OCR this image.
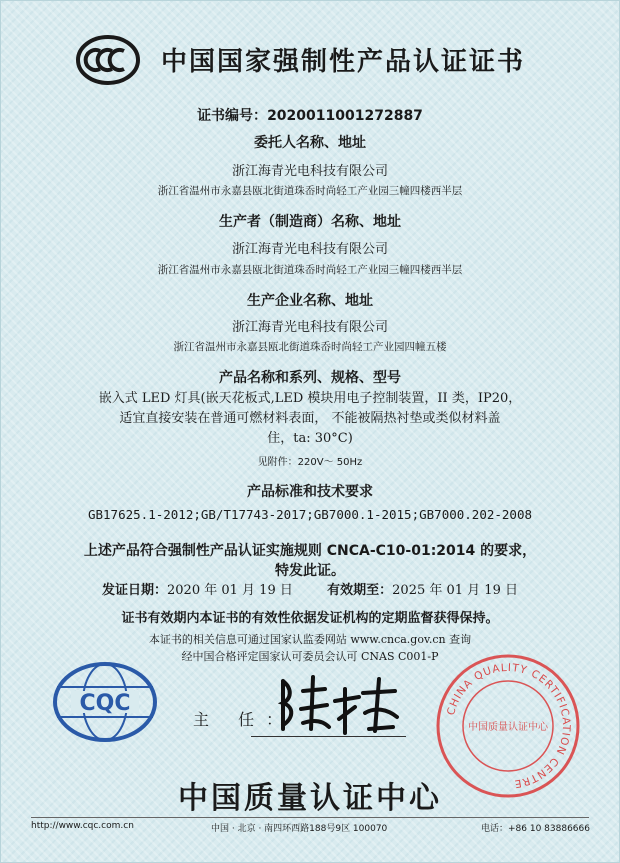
中国国家强制性产品认证证书
证书编号：2020011001272887
委托人名称、地址
浙江海青光电科技有限公司
浙江省温州市永嘉县瓯北街道珠岙时尚轻工产业园三幢四楼西半层
生产者（制造商）名称、地址
浙江海青光电科技有限公司
浙江省温州市永嘉县瓯北街道珠岙时尚轻工产业园三幢四楼西半层
生产企业名称、地址
浙江海青光电科技有限公司
浙江省温州市永嘉县瓯北街道珠岙时尚轻工产业园四幢五楼
产品名称和系列、规格、型号
嵌入式 LED 灯具(嵌天花板式,LED 模块用电子控制装置，II 类，IP20，
适宜直接安装在普通可燃材料表面， 不能被隔热衬垫或类似材料盖
住，ta: 30°C)
见附件：220V～ 50Hz
产品标准和技术要求
GB17625.1-2012;GB/T17743-2017;GB7000.1-2015;GB7000.202-2008
上述产品符合强制性产品认证实施规则 CNCA-C10-01:2014 的要求，
特发此证。
发证日期：2020 年 01 月 19 日	有效期至：2025 年 01 月 19 日
证书有效期内本证书的有效性依据发证机构的定期监督获得保持。
本证书的相关信息可通过国家认监委网站 www.cnca.gov.cn 查询
经中国合格评定国家认可委员会认可 CNAS C001-P
CQC
主 任：	CHINA QUALITY CERTIFICATION CENTRE
中国质量认证中心
中国质量认证中心
http://www.cqc.com.cn	中国 · 北京 · 南四环西路188号9区 100070	电话：+86 10 83886666
